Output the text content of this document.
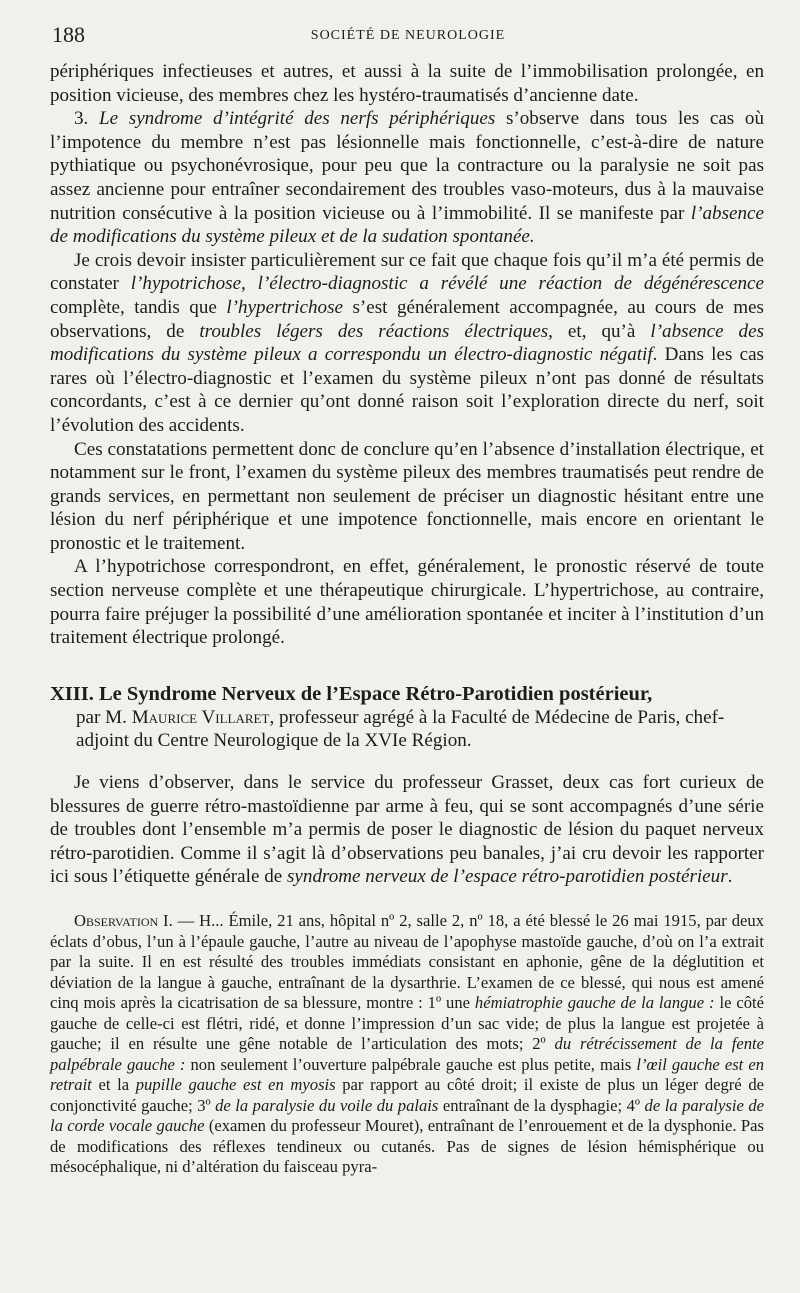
188	SOCIÉTÉ DE NEUROLOGIE

périphériques infectieuses et autres, et aussi à la suite de l’immobilisation prolongée, en position vicieuse, des membres chez les hystéro-traumatisés d’ancienne date.

3. Le syndrome d’intégrité des nerfs périphériques s’observe dans tous les cas où l’impotence du membre n’est pas lésionnelle mais fonctionnelle, c’est-à-dire de nature pythiatique ou psychonévrosique, pour peu que la contracture ou la paralysie ne soit pas assez ancienne pour entraîner secondairement des troubles vaso-moteurs, dus à la mauvaise nutrition consécutive à la position vicieuse ou à l’immobilité. Il se manifeste par l’absence de modifications du système pileux et de la sudation spontanée.

Je crois devoir insister particulièrement sur ce fait que chaque fois qu’il m’a été permis de constater l’hypotrichose, l’électro-diagnostic a révélé une réaction de dégénérescence complète, tandis que l’hypertrichose s’est généralement accompagnée, au cours de mes observations, de troubles légers des réactions électriques, et, qu’à l’absence des modifications du système pileux a correspondu un électro-diagnostic négatif. Dans les cas rares où l’électro-diagnostic et l’examen du système pileux n’ont pas donné de résultats concordants, c’est à ce dernier qu’ont donné raison soit l’exploration directe du nerf, soit l’évolution des accidents.

Ces constatations permettent donc de conclure qu’en l’absence d’installation électrique, et notamment sur le front, l’examen du système pileux des membres traumatisés peut rendre de grands services, en permettant non seulement de préciser un diagnostic hésitant entre une lésion du nerf périphérique et une impotence fonctionnelle, mais encore en orientant le pronostic et le traitement.

A l’hypotrichose correspondront, en effet, généralement, le pronostic réservé de toute section nerveuse complète et une thérapeutique chirurgicale. L’hypertrichose, au contraire, pourra faire préjuger la possibilité d’une amélioration spontanée et inciter à l’institution d’un traitement électrique prolongé.

XIII. Le Syndrome Nerveux de l’Espace Rétro-Parotidien postérieur,
par M. Maurice Villaret, professeur agrégé à la Faculté de Médecine de Paris, chef-adjoint du Centre Neurologique de la XVIe Région.

Je viens d’observer, dans le service du professeur Grasset, deux cas fort curieux de blessures de guerre rétro-mastoïdienne par arme à feu, qui se sont accompagnés d’une série de troubles dont l’ensemble m’a permis de poser le diagnostic de lésion du paquet nerveux rétro-parotidien. Comme il s’agit là d’observations peu banales, j’ai cru devoir les rapporter ici sous l’étiquette générale de syndrome nerveux de l’espace rétro-parotidien postérieur.

Observation I. — H... Émile, 21 ans, hôpital nº 2, salle 2, nº 18, a été blessé le 26 mai 1915, par deux éclats d’obus, l’un à l’épaule gauche, l’autre au niveau de l’apophyse mastoïde gauche, d’où on l’a extrait par la suite. Il en est résulté des troubles immédiats consistant en aphonie, gêne de la déglutition et déviation de la langue à gauche, entraînant de la dysarthrie. L’examen de ce blessé, qui nous est amené cinq mois après la cicatrisation de sa blessure, montre : 1º une hémiatrophie gauche de la langue : le côté gauche de celle-ci est flétri, ridé, et donne l’impression d’un sac vide; de plus la langue est projetée à gauche; il en résulte une gêne notable de l’articulation des mots; 2º du rétrécissement de la fente palpébrale gauche : non seulement l’ouverture palpébrale gauche est plus petite, mais l’œil gauche est en retrait et la pupille gauche est en myosis par rapport au côté droit; il existe de plus un léger degré de conjonctivité gauche; 3º de la paralysie du voile du palais entraînant de la dysphagie; 4º de la paralysie de la corde vocale gauche (examen du professeur Mouret), entraînant de l’enrouement et de la dysphonie. Pas de modifications des réflexes tendineux ou cutanés. Pas de signes de lésion hémisphérique ou mésocéphalique, ni d’altération du faisceau pyra-
